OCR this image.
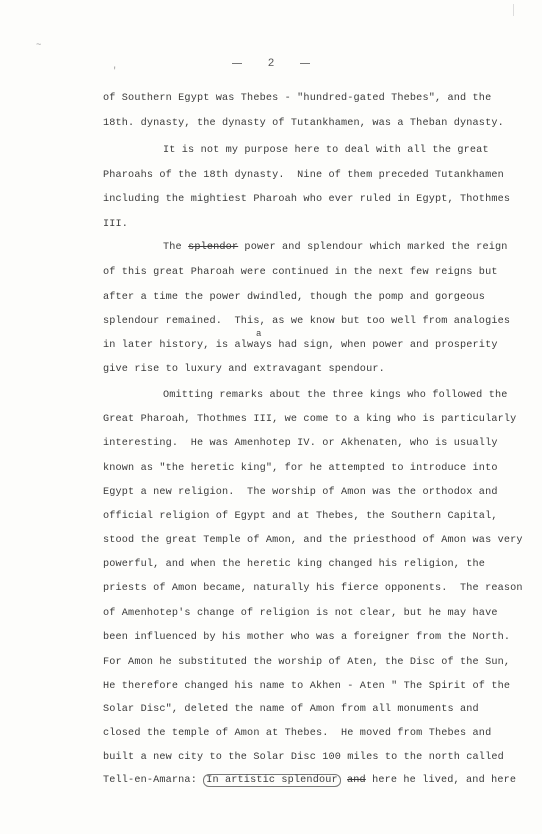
~
'
2
of Southern Egypt was Thebes - "hundred-gated Thebes", and the
18th. dynasty, the dynasty of Tutankhamen, was a Theban dynasty.
It is not my purpose here to deal with all the great
Pharoahs of the 18th dynasty.  Nine of them preceded Tutankhamen
including the mightiest Pharoah who ever ruled in Egypt, Thothmes
III.
The splendor power and splendour which marked the reign
of this great Pharoah were continued in the next few reigns but
after a time the power dwindled, though the pomp and gorgeous
splendour remained.  This, as we know but too well from analogies
a
in later history, is always had sign, when power and prosperity
give rise to luxury and extravagant spendour.
Omitting remarks about the three kings who followed the
Great Pharoah, Thothmes III, we come to a king who is particularly
interesting.  He was Amenhotep IV. or Akhenaten, who is usually
known as "the heretic king", for he attempted to introduce into
Egypt a new religion.  The worship of Amon was the orthodox and
official religion of Egypt and at Thebes, the Southern Capital,
stood the great Temple of Amon, and the priesthood of Amon was very
powerful, and when the heretic king changed his religion, the
priests of Amon became, naturally his fierce opponents.  The reason
of Amenhotep's change of religion is not clear, but he may have
been influenced by his mother who was a foreigner from the North.
For Amon he substituted the worship of Aten, the Disc of the Sun,
He therefore changed his name to Akhen - Aten " The Spirit of the
Solar Disc", deleted the name of Amon from all monuments and
closed the temple of Amon at Thebes.  He moved from Thebes and
built a new city to the Solar Disc 100 miles to the north called
Tell-en-Amarna: In artistic splendour and here he lived, and here
